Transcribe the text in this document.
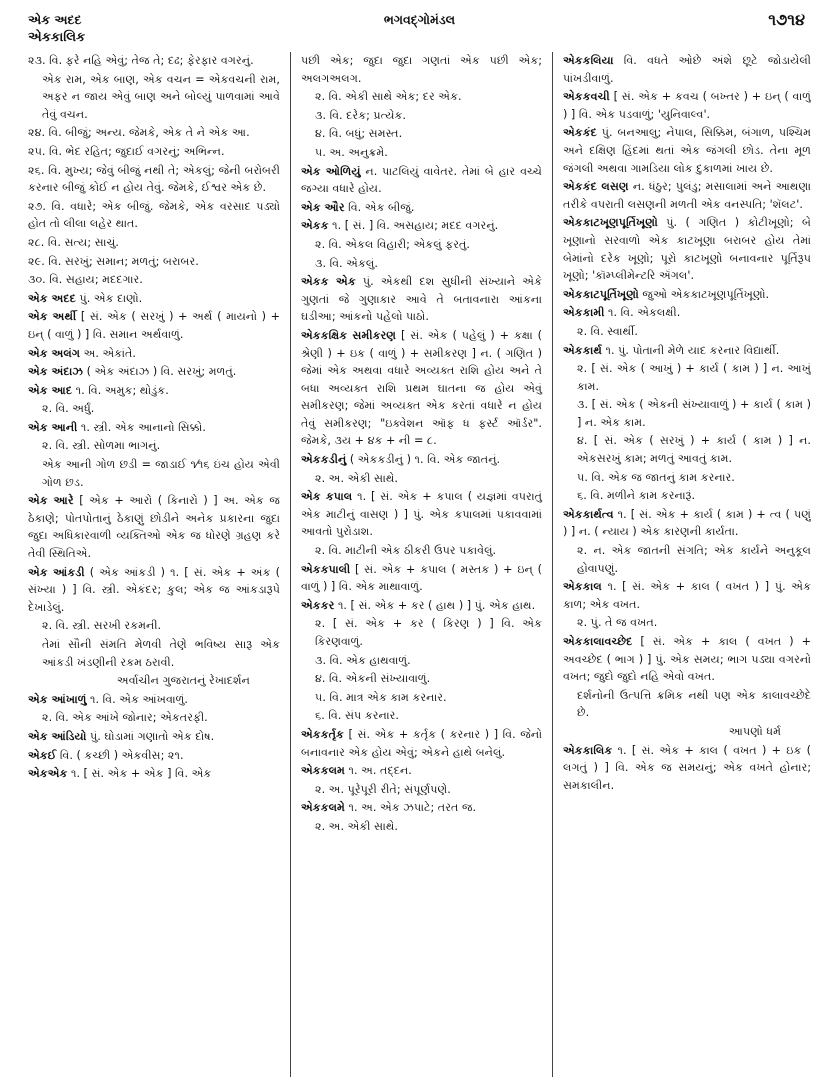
એક અદદ
એકકાલિક
ભગવદ્ગોમંડલ	૧૭૧૪
૨૩. વિ. ફરે નહિ એવું; તેજ તે; દઢ; ફેરફાર વગરનું.
એક રામ, એક બાણ, એક વચન = એકવચની રામ, અફર ન જાય એવું બાણ અને બોલ્યું પાળવામાં આવે તેવું વચન.
૨૪. વિ. બીજું; અન્ય. જેમકે, એક તે ને એક આ.
૨૫. વિ. ભેદ રહિત; જુદાઈ વગરનું; અભિન્ન.
૨૬. વિ. મુખ્ય; જેવું બીજું નથી તે; એકલું; જેની બરોબરી કરનાર બીજું કોઈ ન હોય તેવું. જેમકે, ઈશ્વર એક છે.
૨૭. વિ. વધારે; એક બીજું. જેમકે, એક વરસાદ પડ્યો હોત તો લીલા લહેર થાત.
૨૮. વિ. સત્ય; સાચું.
૨૯. વિ. સરખું; સમાન; મળતું; બરાબર.
૩૦. વિ. સહાય; મદદગાર.
એક અદદ પું. એક દાણો.
એક અર્થી [ સં. એક ( સરખું ) + અર્થ ( માયનો ) + ઇન્ ( વાળું ) ] વિ. સમાન અર્થવાળું.
એક અલંગ અ. એકાંતે.
એક અંદાઝ ( એક અંદાઝ ) વિ. સરખું; મળતું.
એક આદ ૧. વિ. અમુક; થોડુંક.
૨. વિ. અર્ધું.
એક આની ૧. સ્ત્રી. એક આનાનો સિક્કો.
૨. વિ. સ્ત્રી. સોળમા ભાગનું.
એક આની ગોળ છડી = જાડાઈ ૧⁄૧૬ ઇંચ હોય એવી ગોળ છડ.
એક આરે [ એક + આરો ( કિનારો ) ] અ. એક જ ઠેકાણે; પોતપોતાનું ઠેકાણું છોડીને અનેક પ્રકારના જુદા જુદા અધિકારવાળી વ્યક્તિઓ એક જ ધોરણે ગ્રહણ કરે તેવી સ્થિતિએ.
એક આંકડી ( એક આંકડી ) ૧. [ સં. એક + અંક ( સંખ્યા ) ] વિ. સ્ત્રી. એકંદર; કુલ; એક જ આંકડારૂપે દેખાડેલું.
૨. વિ. સ્ત્રી. સરખી રકમની.
તેમાં સૌની સંમતિ મેળવી તેણે ભવિષ્ય સારૂ એક આંકડી ખંડણીની રકમ ઠરાવી.
અર્વાચીન ગુજરાતનું રેખાદર્શન
એક આંખાળું ૧. વિ. એક આંખવાળું.
૨. વિ. એક આંખે જોનાર; એકતરફી.
એક આંડિયો પું. ઘોડામાં ગણાતો એક દોષ.
એકઈ વિ. ( કચ્છી ) એકવીસ; ૨૧.
એકએક ૧. [ સં. એક + એક ] વિ. એક
પછી એક; જુદા જુદા ગણતાં એક પછી એક; અલગઅલગ.
૨. વિ. એકી સાથે એક; દર એક.
૩. વિ. દરેક; પ્રત્યેક.
૪. વિ. બધું; સમસ્ત.
૫. અ. અનુક્રમે.
એક ઓળિયું ન. પાટલિયું વાવેતર. તેમાં બે હાર વચ્ચે જગ્યા વધારે હોય.
એક ઔર વિ. એક બીજું.
એકક ૧. [ સં. ] વિ. અસહાય; મદદ વગરનું.
૨. વિ. એકલ વિહારી; એકલું ફરતું.
૩. વિ. એકલું.
એકક એક પું. એકથી દશ સુધીની સંખ્યાને એકે ગુણતાં જે ગુણાકાર આવે તે બતાવનારા આંકના ઘડીઆ; આંકનો પહેલો પાઠો.
એકકક્ષિક સમીકરણ [ સં. એક ( પહેલું ) + કક્ષા ( શ્રેણી ) + ઇક ( વાળું ) + સમીકરણ ] ન. ( ગણિત ) જેમાં એક અથવા વધારે અવ્યક્ત રાશિ હોય અને તે બધા અવ્યક્ત રાશિ પ્રથમ ઘાતના જ હોય એવું સમીકરણ; જેમાં અવ્યક્ત એક કરતાં વધારે ન હોય તેવું સમીકરણ; "ઇક્વેશન ઑફ ધ ફર્સ્ટ ઑર્ડર". જેમકે, ૩ય + ૪ક + ની = ૮.
એકકડીનું ( એકકડીનું ) ૧. વિ. એક જાતનું.
૨. અ. એકી સાથે.
એક કપાલ ૧. [ સં. એક + કપાલ ( યજ્ઞમાં વપરાતું એક માટીનું વાસણ ) ] પું. એક કપાલમાં પકાવવામાં આવતો પુરોડાશ.
૨. વિ. માટીની એક ઠીકરી ઉપર પકાવેલું.
એકકપાલી [ સં. એક + કપાલ ( મસ્તક ) + ઇન્ ( વાળું ) ] વિ. એક માથાવાળું.
એકકર ૧. [ સં. એક + કર ( હાથ ) ] પું. એક હાથ.
૨. [ સં. એક + કર ( કિરણ ) ] વિ. એક કિરણવાળું.
૩. વિ. એક હાથવાળું.
૪. વિ. એકની સંખ્યાવાળું.
૫. વિ. માત્ર એક કામ કરનાર.
૬. વિ. સંપ કરનાર.
એકકર્તૃક [ સં. એક + કર્તૃક ( કરનાર ) ] વિ. જેનો બનાવનાર એક હોય એવું; એકને હાથે બનેલું.
એકકલમ ૧. અ. તદ્દન.
૨. અ. પૂરેપૂરી રીતે; સંપૂર્ણપણે.
એકકલમે ૧. અ. એક ઝપાટે; તરત જ.
૨. અ. એકી સાથે.
એકકલિયા વિ. વધતે ઓછે અંશે છૂટે જોડાયેલી પાંખડીવાળું.
એકકવચી [ સં. એક + કવચ ( બખ્તર ) + ઇન્ ( વાળું ) ] વિ. એક પડવાળું; 'યુનિવાલ્વ'.
એકકંદ પું. બનઆલુ; નેપાલ, સિક્કિમ, બંગાળ, પશ્ચિમ અને દક્ષિણ હિંદમાં થતાં એક જંગલી છોડ. તેના મૂળ જંગલી અથવા ગામડિયા લોક દુકાળમાં ખાય છે.
એકકંદ લસણ ન. ધંઠુર; પુલંડુ; મસાલામાં અને આથણા તરીકે વપરાતી લસણની મળતી એક વનસ્પતિ; 'શૅલટ'.
એકકાટખૂણપૂર્તિખૂણો પું. ( ગણિત ) કોટીખૂણો; બે ખૂણાનો સરવાળો એક કાટખૂણા બરાબર હોય તેમાં બેમાંનો દરેક ખૂણો; પૂરો કાટખૂણો બનાવનાર પૂર્તિરૂપ ખૂણો; 'કૉમ્પ્લીમેન્ટરિ ઍંગલ'.
એકકાટપૂર્તિખૂણો જુઓ એકકાટખૂણપૂર્તિખૂણો.
એકકામી ૧. વિ. એકલક્ષી.
૨. વિ. સ્વાર્થી.
એકકાર્થ ૧. પું. પોતાની મેળે યાદ કરનાર વિદ્યાર્થી.
૨. [ સં. એક ( આખું ) + કાર્ય ( કામ ) ] ન. આખું કામ.
૩. [ સં. એક ( એકની સંખ્યાવાળું ) + કાર્ય ( કામ ) ] ન. એક કામ.
૪. [ સં. એક ( સરખું ) + કાર્ય ( કામ ) ] ન. એકસરખું કામ; મળતું આવતું કામ.
૫. વિ. એક જ જાતનું કામ કરનાર.
૬. વિ. મળીને કામ કરનારૂં.
એકકાર્થત્વ ૧. [ સં. એક + કાર્ય ( કામ ) + ત્વ ( પણું ) ] ન. ( ન્યાય ) એક કારણની કાર્યતા.
૨. ન. એક જાતની સંગતિ; એક કાર્યને અનુકૂલ હોવાપણું.
એકકાલ ૧. [ સં. એક + કાલ ( વખત ) ] પું. એક કાળ; એક વખત.
૨. પું. તે જ વખત.
એકકાલાવચ્છેદ [ સં. એક + કાલ ( વખત ) + અવચ્છેદ ( ભાગ ) ] પું. એક સમય; ભાગ પડ્યા વગરનો વખત; જુદો જુદો નહિ એવો વખત.
દર્શનોની ઉત્પત્તિ ક્રમિક નથી પણ એક કાલાવચ્છેદે છે.
આપણો ધર્મ
એકકાલિક ૧. [ સં. એક + કાલ ( વખત ) + ઇક ( લગતું ) ] વિ. એક જ સમયનું; એક વખતે હોનાર; સમકાલીન.
